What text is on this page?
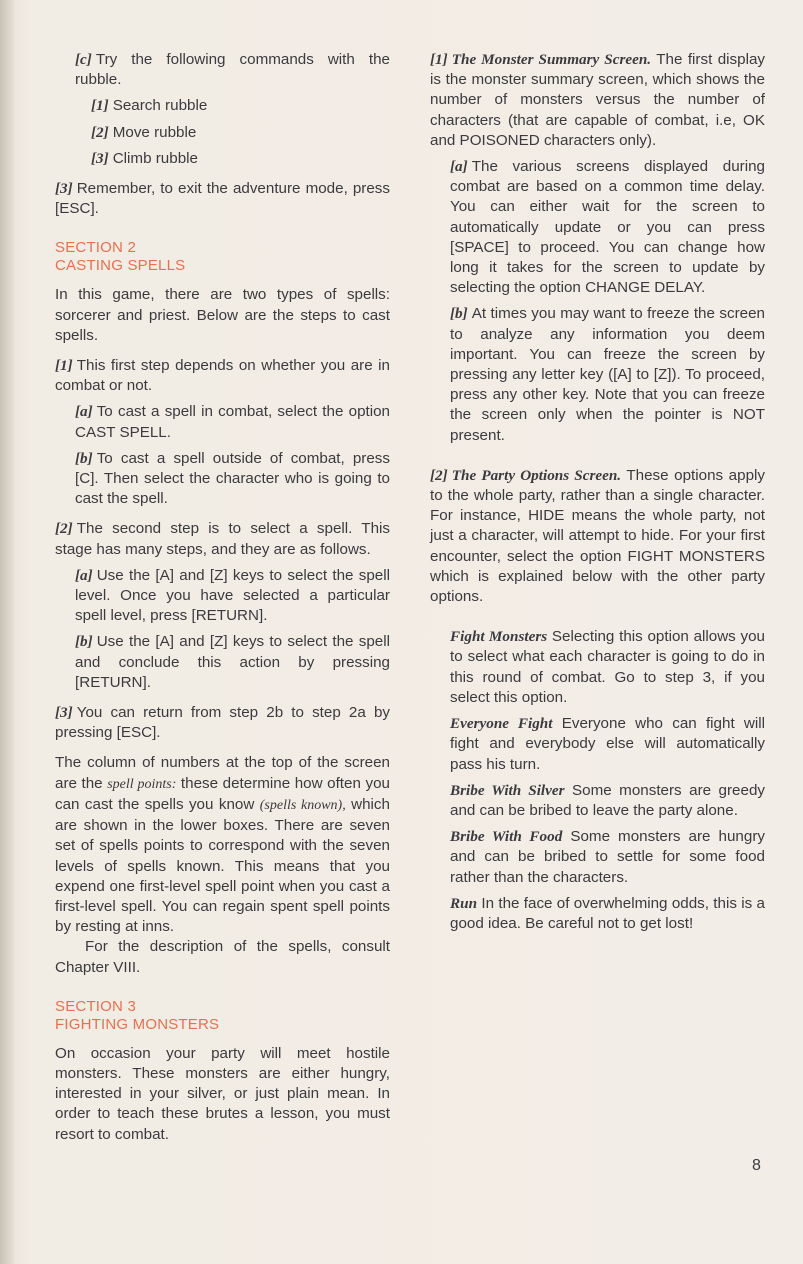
[c] Try the following commands with the rubble.

[1] Search rubble

[2] Move rubble

[3] Climb rubble

[3] Remember, to exit the adventure mode, press [ESC].

SECTION 2
CASTING SPELLS

In this game, there are two types of spells: sorcerer and priest. Below are the steps to cast spells.

[1] This first step depends on whether you are in combat or not.

[a] To cast a spell in combat, select the option CAST SPELL.

[b] To cast a spell outside of combat, press [C]. Then select the character who is going to cast the spell.

[2] The second step is to select a spell. This stage has many steps, and they are as follows.

[a] Use the [A] and [Z] keys to select the spell level. Once you have selected a particular spell level, press [RETURN].

[b] Use the [A] and [Z] keys to select the spell and conclude this action by pressing [RETURN].

[3] You can return from step 2b to step 2a by pressing [ESC].

The column of numbers at the top of the screen are the spell points: these determine how often you can cast the spells you know (spells known), which are shown in the lower boxes. There are seven set of spells points to correspond with the seven levels of spells known. This means that you expend one first-level spell point when you cast a first-level spell. You can regain spent spell points by resting at inns.

For the description of the spells, consult Chapter VIII.

SECTION 3
FIGHTING MONSTERS

On occasion your party will meet hostile monsters. These monsters are either hungry, interested in your silver, or just plain mean. In order to teach these brutes a lesson, you must resort to combat.

[1] The Monster Summary Screen. The first display is the monster summary screen, which shows the number of monsters versus the number of characters (that are capable of combat, i.e, OK and POISONED characters only).

[a] The various screens displayed during combat are based on a common time delay. You can either wait for the screen to automatically update or you can press [SPACE] to proceed. You can change how long it takes for the screen to update by selecting the option CHANGE DELAY.

[b] At times you may want to freeze the screen to analyze any information you deem important. You can freeze the screen by pressing any letter key ([A] to [Z]). To proceed, press any other key. Note that you can freeze the screen only when the pointer is NOT present.

[2] The Party Options Screen. These options apply to the whole party, rather than a single character. For instance, HIDE means the whole party, not just a character, will attempt to hide. For your first encounter, select the option FIGHT MONSTERS which is explained below with the other party options.

Fight Monsters Selecting this option allows you to select what each character is going to do in this round of combat. Go to step 3, if you select this option.

Everyone Fight Everyone who can fight will fight and everybody else will automatically pass his turn.

Bribe With Silver Some monsters are greedy and can be bribed to leave the party alone.

Bribe With Food Some monsters are hungry and can be bribed to settle for some food rather than the characters.

Run In the face of overwhelming odds, this is a good idea. Be careful not to get lost!

8
